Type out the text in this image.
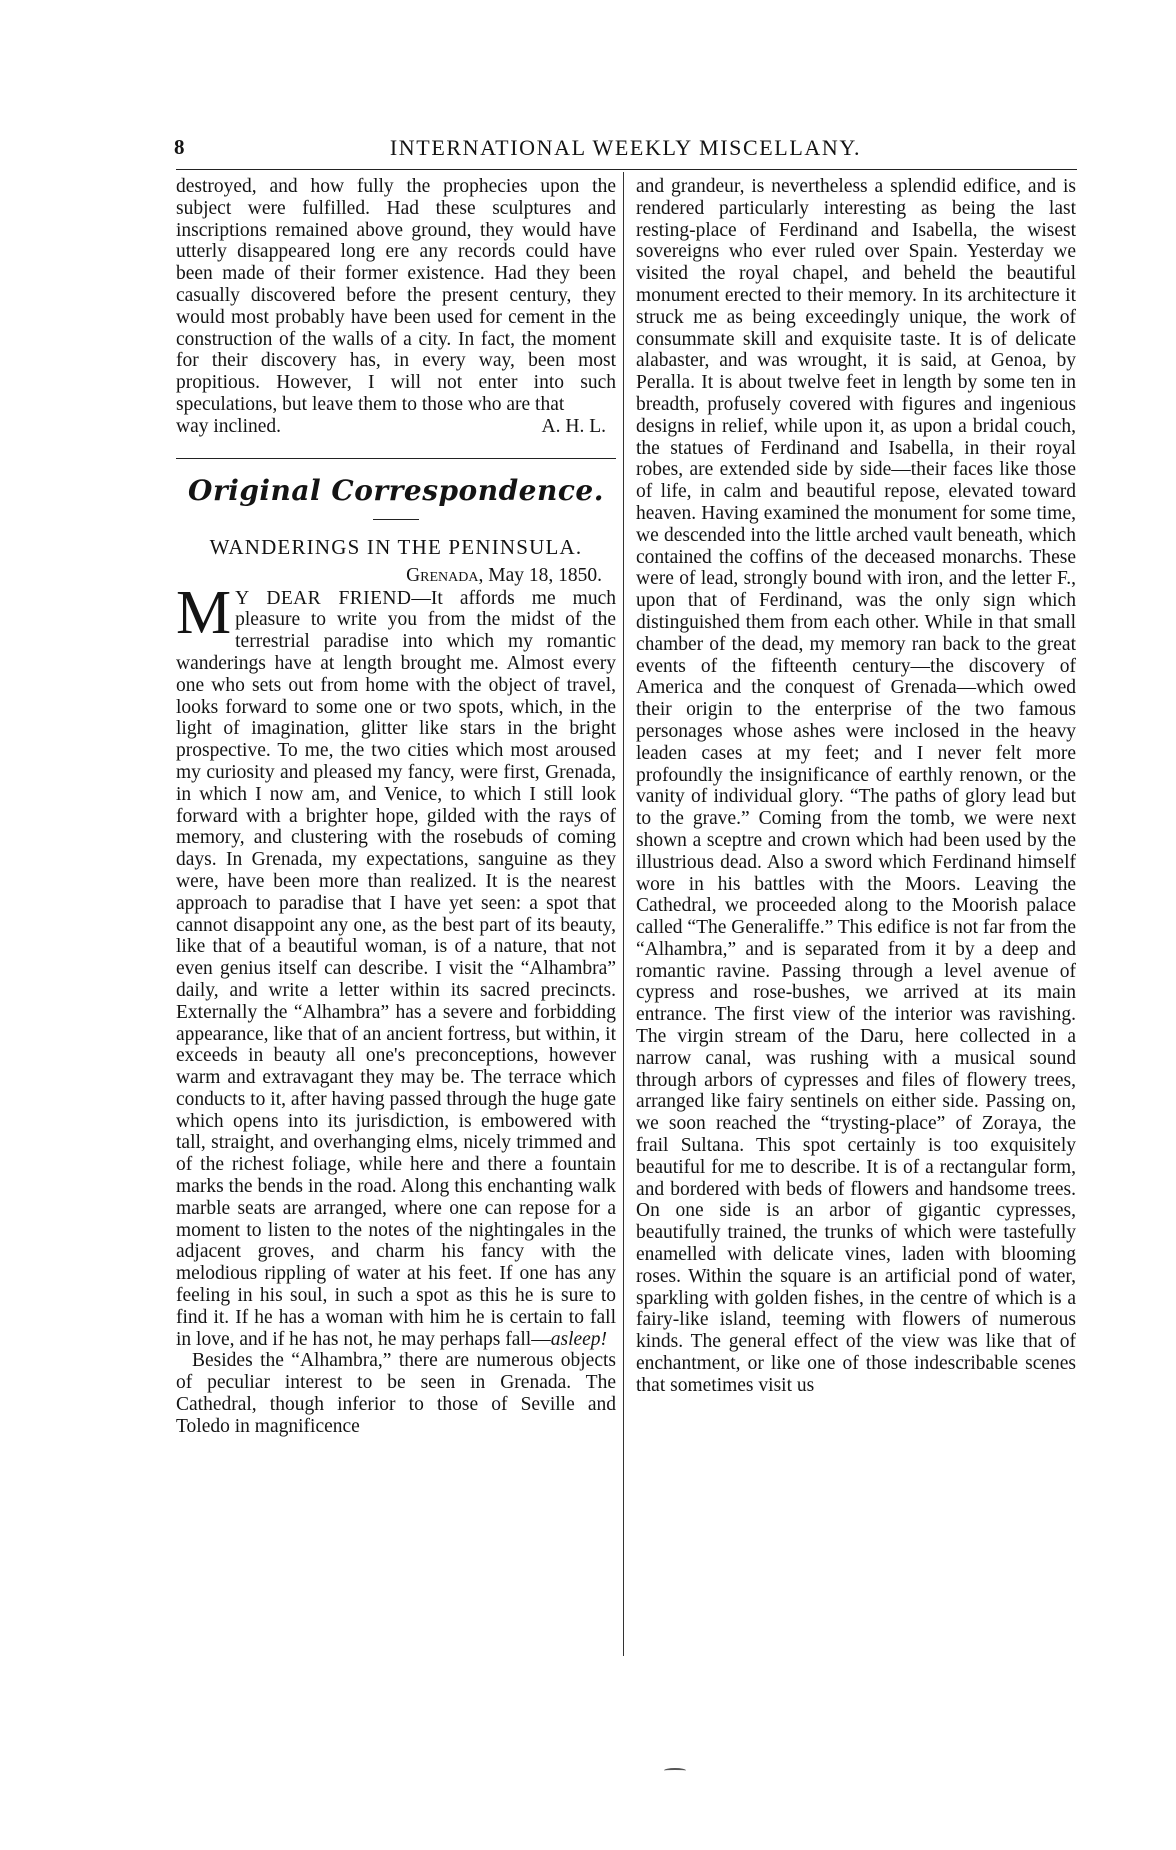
8	INTERNATIONAL WEEKLY MISCELLANY.

destroyed, and how fully the prophecies upon the subject were fulfilled. Had these sculptures and inscriptions remained above ground, they would have utterly disappeared long ere any records could have been made of their former existence. Had they been casually discovered before the present century, they would most probably have been used for cement in the construction of the walls of a city. In fact, the moment for their discovery has, in every way, been most propitious. However, I will not enter into such speculations, but leave them to those who are that

way inclined.	A. H. L.
Original Correspondence.
WANDERINGS IN THE PENINSULA.
Grenada, May 18, 1850.

M Y DEAR FRIEND—It affords me much pleasure to write you from the midst of the terrestrial paradise into which my romantic wanderings have at length brought me. Almost every one who sets out from home with the object of travel, looks forward to some one or two spots, which, in the light of imagination, glitter like stars in the bright prospective. To me, the two cities which most aroused my curiosity and pleased my fancy, were first, Grenada, in which I now am, and Venice, to which I still look forward with a brighter hope, gilded with the rays of memory, and clustering with the rosebuds of coming days. In Grenada, my expectations, sanguine as they were, have been more than realized. It is the nearest approach to paradise that I have yet seen: a spot that cannot disappoint any one, as the best part of its beauty, like that of a beautiful woman, is of a nature, that not even genius itself can describe. I visit the “Alhambra” daily, and write a letter within its sacred precincts. Externally the “Alhambra” has a severe and forbidding appearance, like that of an ancient fortress, but within, it exceeds in beauty all one's preconceptions, however warm and extravagant they may be. The terrace which conducts to it, after having passed through the huge gate which opens into its jurisdiction, is embowered with tall, straight, and overhanging elms, nicely trimmed and of the richest foliage, while here and there a fountain marks the bends in the road. Along this enchanting walk marble seats are arranged, where one can repose for a moment to listen to the notes of the nightingales in the adjacent groves, and charm his fancy with the melodious rippling of water at his feet. If one has any feeling in his soul, in such a spot as this he is sure to find it. If he has a woman with him he is certain to fall in love, and if he has not, he may perhaps fall—asleep!

Besides the “Alhambra,” there are numerous objects of peculiar interest to be seen in Grenada. The Cathedral, though inferior to those of Seville and Toledo in magnificence

and grandeur, is nevertheless a splendid edifice, and is rendered particularly interesting as being the last resting-place of Ferdinand and Isabella, the wisest sovereigns who ever ruled over Spain. Yesterday we visited the royal chapel, and beheld the beautiful monument erected to their memory. In its architecture it struck me as being exceedingly unique, the work of consummate skill and exquisite taste. It is of delicate alabaster, and was wrought, it is said, at Genoa, by Peralla. It is about twelve feet in length by some ten in breadth, profusely covered with figures and ingenious designs in relief, while upon it, as upon a bridal couch, the statues of Ferdinand and Isabella, in their royal robes, are extended side by side—their faces like those of life, in calm and beautiful repose, elevated toward heaven. Having examined the monument for some time, we descended into the little arched vault beneath, which contained the coffins of the deceased monarchs. These were of lead, strongly bound with iron, and the letter F., upon that of Ferdinand, was the only sign which distinguished them from each other. While in that small chamber of the dead, my memory ran back to the great events of the fifteenth century—the discovery of America and the conquest of Grenada—which owed their origin to the enterprise of the two famous personages whose ashes were inclosed in the heavy leaden cases at my feet; and I never felt more profoundly the insignificance of earthly renown, or the vanity of individual glory. “The paths of glory lead but to the grave.” Coming from the tomb, we were next shown a sceptre and crown which had been used by the illustrious dead. Also a sword which Ferdinand himself wore in his battles with the Moors. Leaving the Cathedral, we proceeded along to the Moorish palace called “The Generaliffe.” This edifice is not far from the “Alhambra,” and is separated from it by a deep and romantic ravine. Passing through a level avenue of cypress and rose-bushes, we arrived at its main entrance. The first view of the interior was ravishing. The virgin stream of the Daru, here collected in a narrow canal, was rushing with a musical sound through arbors of cypresses and files of flowery trees, arranged like fairy sentinels on either side. Passing on, we soon reached the “trysting-place” of Zoraya, the frail Sultana. This spot certainly is too exquisitely beautiful for me to describe. It is of a rectangular form, and bordered with beds of flowers and handsome trees. On one side is an arbor of gigantic cypresses, beautifully trained, the trunks of which were tastefully enamelled with delicate vines, laden with blooming roses. Within the square is an artificial pond of water, sparkling with golden fishes, in the centre of which is a fairy-like island, teeming with flowers of numerous kinds. The general effect of the view was like that of enchantment, or like one of those indescribable scenes that sometimes visit us
